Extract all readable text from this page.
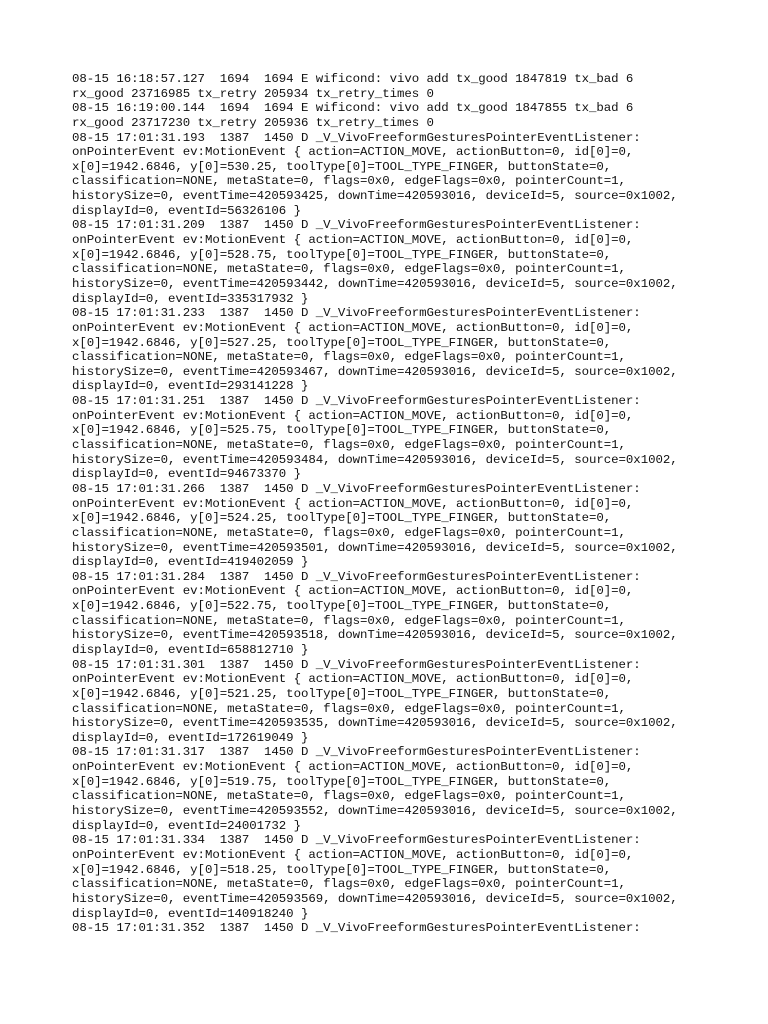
08-15 16:18:57.127  1694  1694 E wificond: vivo add tx_good 1847819 tx_bad 6
rx_good 23716985 tx_retry 205934 tx_retry_times 0
08-15 16:19:00.144  1694  1694 E wificond: vivo add tx_good 1847855 tx_bad 6
rx_good 23717230 tx_retry 205936 tx_retry_times 0
08-15 17:01:31.193  1387  1450 D _V_VivoFreeformGesturesPointerEventListener:
onPointerEvent ev:MotionEvent { action=ACTION_MOVE, actionButton=0, id[0]=0,
x[0]=1942.6846, y[0]=530.25, toolType[0]=TOOL_TYPE_FINGER, buttonState=0,
classification=NONE, metaState=0, flags=0x0, edgeFlags=0x0, pointerCount=1,
historySize=0, eventTime=420593425, downTime=420593016, deviceId=5, source=0x1002,
displayId=0, eventId=56326106 }
08-15 17:01:31.209  1387  1450 D _V_VivoFreeformGesturesPointerEventListener:
onPointerEvent ev:MotionEvent { action=ACTION_MOVE, actionButton=0, id[0]=0,
x[0]=1942.6846, y[0]=528.75, toolType[0]=TOOL_TYPE_FINGER, buttonState=0,
classification=NONE, metaState=0, flags=0x0, edgeFlags=0x0, pointerCount=1,
historySize=0, eventTime=420593442, downTime=420593016, deviceId=5, source=0x1002,
displayId=0, eventId=335317932 }
08-15 17:01:31.233  1387  1450 D _V_VivoFreeformGesturesPointerEventListener:
onPointerEvent ev:MotionEvent { action=ACTION_MOVE, actionButton=0, id[0]=0,
x[0]=1942.6846, y[0]=527.25, toolType[0]=TOOL_TYPE_FINGER, buttonState=0,
classification=NONE, metaState=0, flags=0x0, edgeFlags=0x0, pointerCount=1,
historySize=0, eventTime=420593467, downTime=420593016, deviceId=5, source=0x1002,
displayId=0, eventId=293141228 }
08-15 17:01:31.251  1387  1450 D _V_VivoFreeformGesturesPointerEventListener:
onPointerEvent ev:MotionEvent { action=ACTION_MOVE, actionButton=0, id[0]=0,
x[0]=1942.6846, y[0]=525.75, toolType[0]=TOOL_TYPE_FINGER, buttonState=0,
classification=NONE, metaState=0, flags=0x0, edgeFlags=0x0, pointerCount=1,
historySize=0, eventTime=420593484, downTime=420593016, deviceId=5, source=0x1002,
displayId=0, eventId=94673370 }
08-15 17:01:31.266  1387  1450 D _V_VivoFreeformGesturesPointerEventListener:
onPointerEvent ev:MotionEvent { action=ACTION_MOVE, actionButton=0, id[0]=0,
x[0]=1942.6846, y[0]=524.25, toolType[0]=TOOL_TYPE_FINGER, buttonState=0,
classification=NONE, metaState=0, flags=0x0, edgeFlags=0x0, pointerCount=1,
historySize=0, eventTime=420593501, downTime=420593016, deviceId=5, source=0x1002,
displayId=0, eventId=419402059 }
08-15 17:01:31.284  1387  1450 D _V_VivoFreeformGesturesPointerEventListener:
onPointerEvent ev:MotionEvent { action=ACTION_MOVE, actionButton=0, id[0]=0,
x[0]=1942.6846, y[0]=522.75, toolType[0]=TOOL_TYPE_FINGER, buttonState=0,
classification=NONE, metaState=0, flags=0x0, edgeFlags=0x0, pointerCount=1,
historySize=0, eventTime=420593518, downTime=420593016, deviceId=5, source=0x1002,
displayId=0, eventId=658812710 }
08-15 17:01:31.301  1387  1450 D _V_VivoFreeformGesturesPointerEventListener:
onPointerEvent ev:MotionEvent { action=ACTION_MOVE, actionButton=0, id[0]=0,
x[0]=1942.6846, y[0]=521.25, toolType[0]=TOOL_TYPE_FINGER, buttonState=0,
classification=NONE, metaState=0, flags=0x0, edgeFlags=0x0, pointerCount=1,
historySize=0, eventTime=420593535, downTime=420593016, deviceId=5, source=0x1002,
displayId=0, eventId=172619049 }
08-15 17:01:31.317  1387  1450 D _V_VivoFreeformGesturesPointerEventListener:
onPointerEvent ev:MotionEvent { action=ACTION_MOVE, actionButton=0, id[0]=0,
x[0]=1942.6846, y[0]=519.75, toolType[0]=TOOL_TYPE_FINGER, buttonState=0,
classification=NONE, metaState=0, flags=0x0, edgeFlags=0x0, pointerCount=1,
historySize=0, eventTime=420593552, downTime=420593016, deviceId=5, source=0x1002,
displayId=0, eventId=24001732 }
08-15 17:01:31.334  1387  1450 D _V_VivoFreeformGesturesPointerEventListener:
onPointerEvent ev:MotionEvent { action=ACTION_MOVE, actionButton=0, id[0]=0,
x[0]=1942.6846, y[0]=518.25, toolType[0]=TOOL_TYPE_FINGER, buttonState=0,
classification=NONE, metaState=0, flags=0x0, edgeFlags=0x0, pointerCount=1,
historySize=0, eventTime=420593569, downTime=420593016, deviceId=5, source=0x1002,
displayId=0, eventId=140918240 }
08-15 17:01:31.352  1387  1450 D _V_VivoFreeformGesturesPointerEventListener:
